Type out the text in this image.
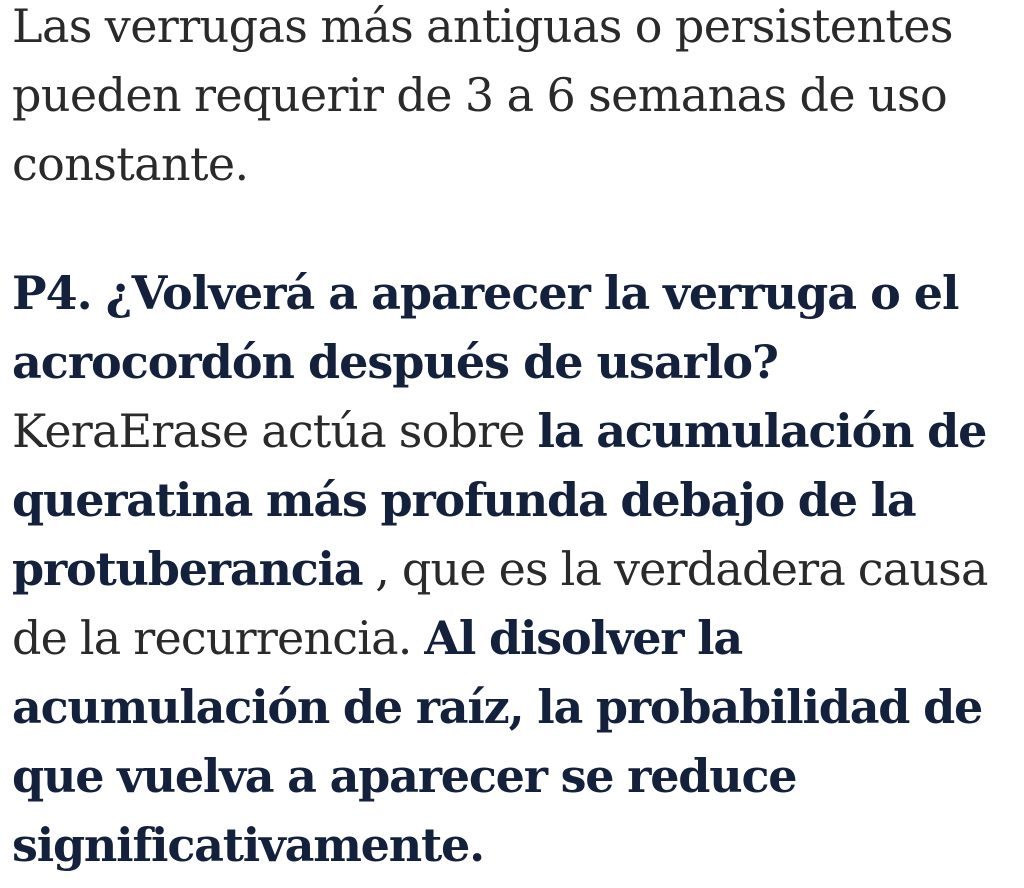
Las verrugas más antiguas o persistentes pueden requerir de 3 a 6 semanas de uso constante.

P4. ¿Volverá a aparecer la verruga o el acrocordón después de usarlo?

KeraErase actúa sobre la acumulación de queratina más profunda debajo de la protuberancia , que es la verdadera causa de la recurrencia. Al disolver la acumulación de raíz, la probabilidad de que vuelva a aparecer se reduce significativamente.
